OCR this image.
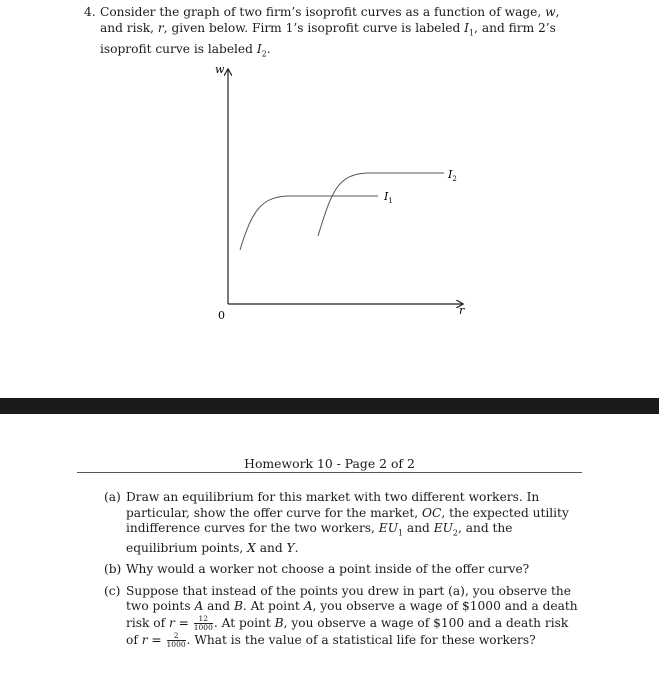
4. Consider the graph of two firm’s isoprofit curves as a function of wage, w, and risk, r, given below. Firm 1’s isoprofit curve is labeled $I_1$, and firm 2’s isoprofit curve is labeled $I_2$.
w
r
0
$I_1$
$I_2$
Homework 10 - Page 2 of 2
(a) Draw an equilibrium for this market with two different workers. In particular, show the offer curve for the market, OC, the expected utility indifference curves for the two workers, $EU_1$ and $EU_2$, and the equilibrium points, X and Y.
(b) Why would a worker not choose a point inside of the offer curve?
(c) Suppose that instead of the points you drew in part (a), you observe the two points A and B. At point A, you observe a wage of $1000 and a death risk of $r = \frac{12}{1000}$ . At point B, you observe a wage of $100 and a death risk of $r = \frac{2}{1000}$ . What is the value of a statistical life for these workers?
